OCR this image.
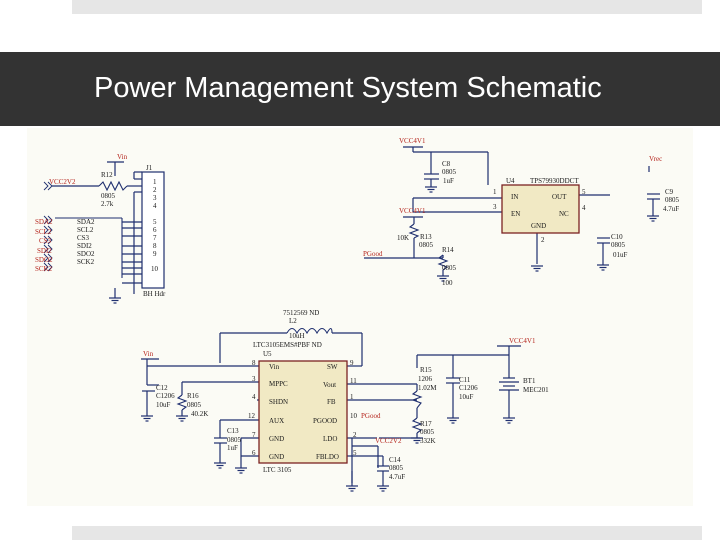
Power Management System Schematic
Vin
VCC2V2
VCC4V1
VCC4V1
Vrec
PGood
Vin
VCC4V1
PGood
VCC2V2
J1
BH Hdr
R12
0805
2.7k
1
2
3
4
5
6
7
8
9
10
SDA2
SCL2
CS3
SDI2
SDO2
SCK2
SDA2
SCL2
CS3
SDI2
SDO2
SCK2
C8
0805
1uF	U4 TPS79930DDCT
1
3
5
4
2
IN	OUT
EN	NC
GND
C9
0805
4.7uF
C10
0805
01uF
10K R13
0805
R14
0805
100
7512569 ND
L2
10uH
LTC3105EMS#PBF ND
U5
LTC 3105
8 Vin
3
MPPC
4
SHDN
12
AUX
7 GND
6 GND
9
SW
11
Vout
1
FB
10
PGOOD
2
LDO
5
FBLDO
C12
C1206
10uF
R16
0805
40.2K
C13
0805
1uF
R15
1206
1.02M
R17
0805
332K
C11
C1206
10uF
BT1
MEC201
C14
0805
4.7uF
